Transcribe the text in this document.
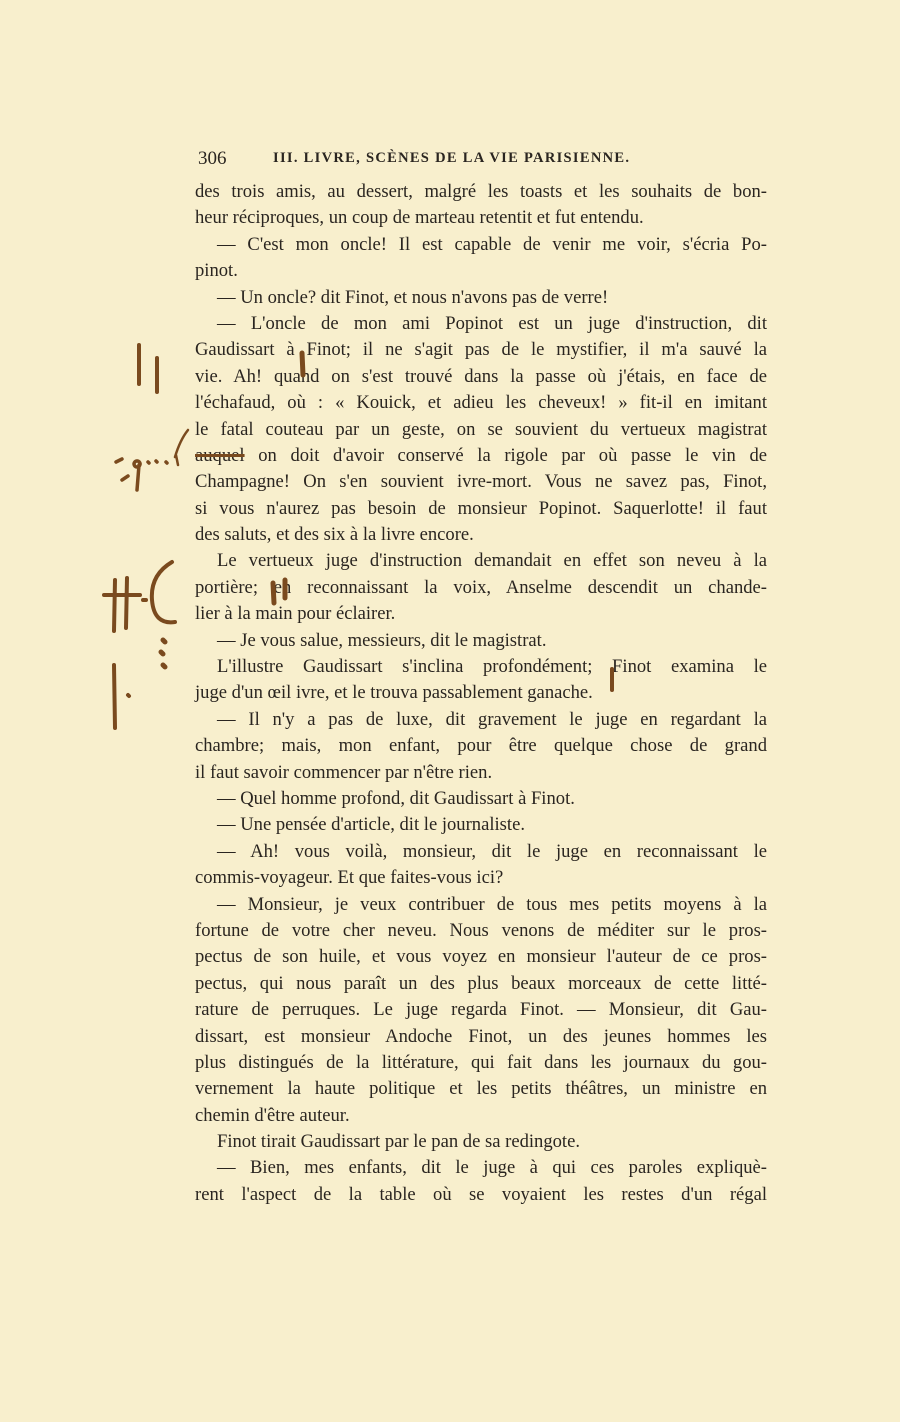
306	III. LIVRE, SCÈNES DE LA VIE PARISIENNE.
des trois amis, au dessert, malgré les toasts et les souhaits de bon-
heur réciproques, un coup de marteau retentit et fut entendu.
— C'est mon oncle! Il est capable de venir me voir, s'écria Po-
pinot.
— Un oncle? dit Finot, et nous n'avons pas de verre!
— L'oncle de mon ami Popinot est un juge d'instruction, dit
Gaudissart à Finot; il ne s'agit pas de le mystifier, il m'a sauvé la
vie. Ah! quand on s'est trouvé dans la passe où j'étais, en face de
l'échafaud, où : « Kouick, et adieu les cheveux! » fit-il en imitant
le fatal couteau par un geste, on se souvient du vertueux magistrat
auquel on doit d'avoir conservé la rigole par où passe le vin de
Champagne! On s'en souvient ivre-mort. Vous ne savez pas, Finot,
si vous n'aurez pas besoin de monsieur Popinot. Saquerlotte! il faut
des saluts, et des six à la livre encore.
Le vertueux juge d'instruction demandait en effet son neveu à la
portière; en reconnaissant la voix, Anselme descendit un chande-
lier à la main pour éclairer.
— Je vous salue, messieurs, dit le magistrat.
L'illustre Gaudissart s'inclina profondément; Finot examina le
juge d'un œil ivre, et le trouva passablement ganache.
— Il n'y a pas de luxe, dit gravement le juge en regardant la
chambre; mais, mon enfant, pour être quelque chose de grand
il faut savoir commencer par n'être rien.
— Quel homme profond, dit Gaudissart à Finot.
— Une pensée d'article, dit le journaliste.
— Ah! vous voilà, monsieur, dit le juge en reconnaissant le
commis-voyageur. Et que faites-vous ici?
— Monsieur, je veux contribuer de tous mes petits moyens à la
fortune de votre cher neveu. Nous venons de méditer sur le pros-
pectus de son huile, et vous voyez en monsieur l'auteur de ce pros-
pectus, qui nous paraît un des plus beaux morceaux de cette litté-
rature de perruques. Le juge regarda Finot. — Monsieur, dit Gau-
dissart, est monsieur Andoche Finot, un des jeunes hommes les
plus distingués de la littérature, qui fait dans les journaux du gou-
vernement la haute politique et les petits théâtres, un ministre en
chemin d'être auteur.
Finot tirait Gaudissart par le pan de sa redingote.
— Bien, mes enfants, dit le juge à qui ces paroles expliquè-
rent l'aspect de la table où se voyaient les restes d'un régal
